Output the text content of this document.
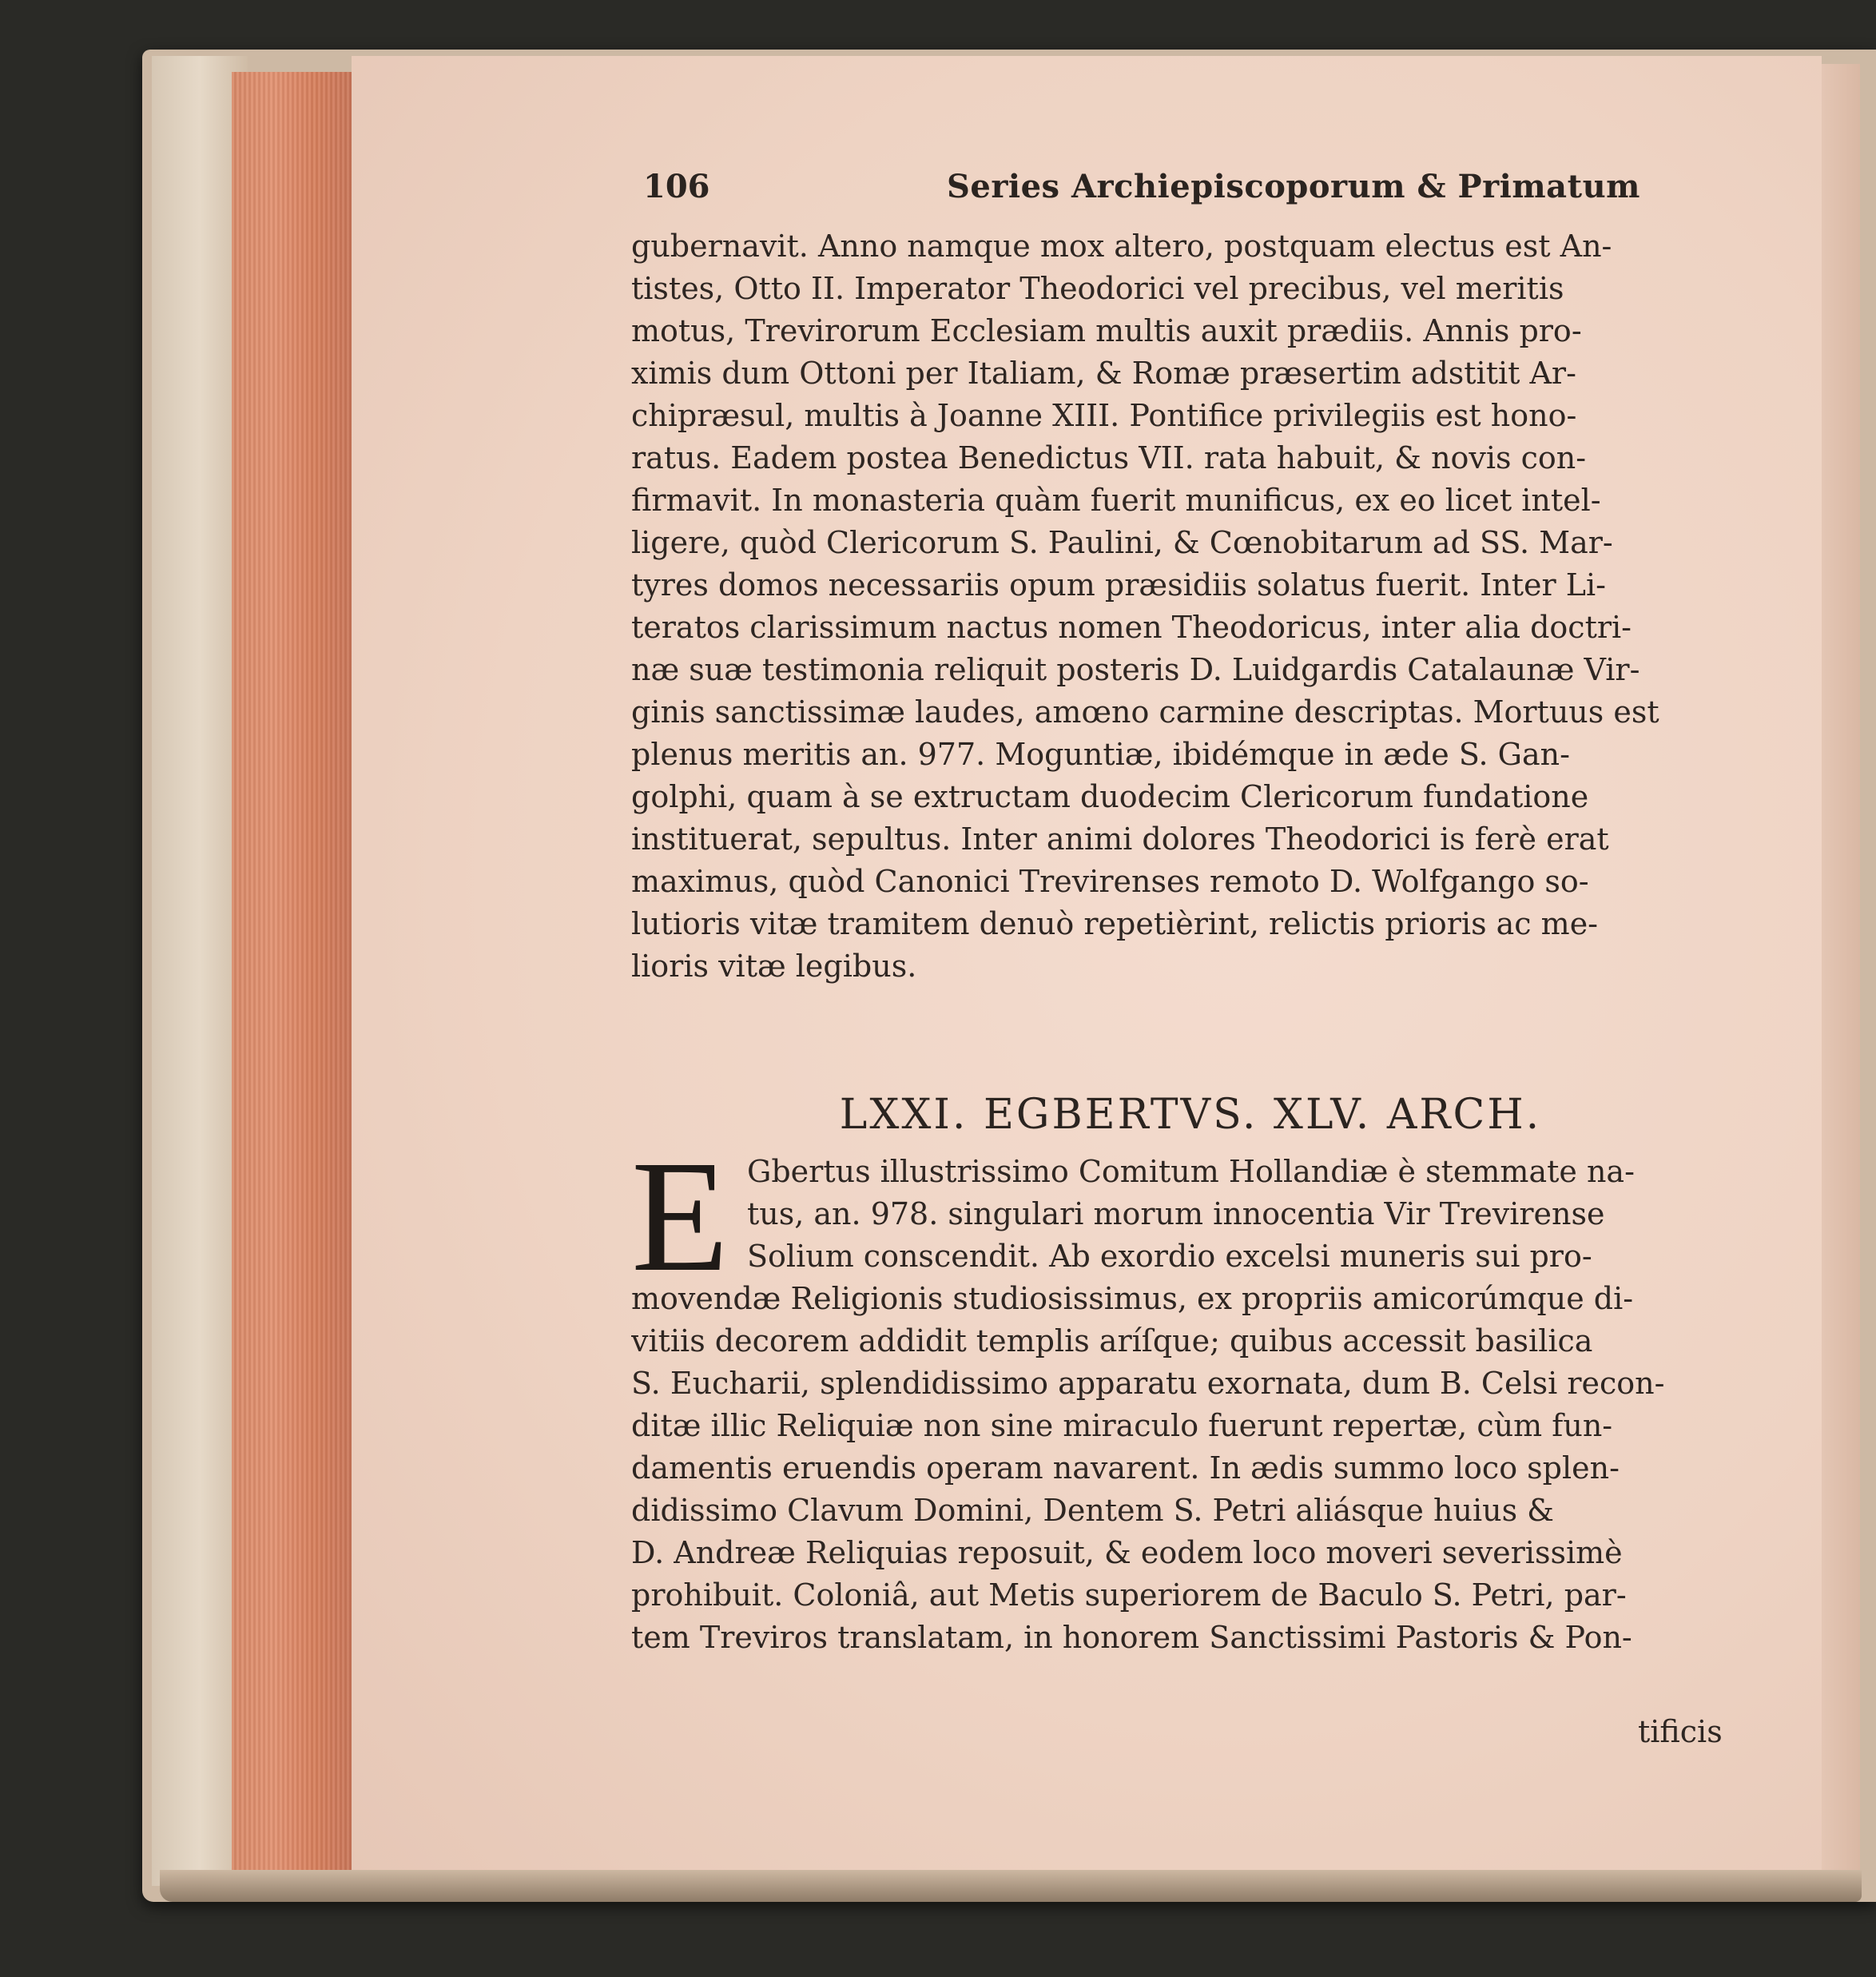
106	Series Archiepiscoporum & Primatum
gubernavit. Anno namque mox altero, postquam electus est An-
tistes, Otto II. Imperator Theodorici vel precibus, vel meritis
motus, Trevirorum Ecclesiam multis auxit prædiis. Annis pro-
ximis dum Ottoni per Italiam, & Romæ præsertim adstitit Ar-
chipræsul, multis à Joanne XIII. Pontifice privilegiis est hono-
ratus. Eadem postea Benedictus VII. rata habuit, & novis con-
firmavit. In monasteria quàm fuerit munificus, ex eo licet intel-
ligere, quòd Clericorum S. Paulini, & Cœnobitarum ad SS. Mar-
tyres domos necessariis opum præsidiis solatus fuerit. Inter Li-
teratos clarissimum nactus nomen Theodoricus, inter alia doctri-
næ suæ testimonia reliquit posteris D. Luidgardis Catalaunæ Vir-
ginis sanctissimæ laudes, amœno carmine descriptas. Mortuus est
plenus meritis an. 977. Moguntiæ, ibidémque in æde S. Gan-
golphi, quam à se extructam duodecim Clericorum fundatione
instituerat, sepultus. Inter animi dolores Theodorici is ferè erat
maximus, quòd Canonici Trevirenses remoto D. Wolfgango so-
lutioris vitæ tramitem denuò repetièrint, relictis prioris ac me-
lioris vitæ legibus.
LXXI. EGBERTVS. XLV. ARCH.
E Gbertus illustrissimo Comitum Hollandiæ è stemmate na-
tus, an. 978. singulari morum innocentia Vir Trevirense
Solium conscendit. Ab exordio excelsi muneris sui pro-
movendæ Religionis studiosissimus, ex propriis amicorúmque di-
vitiis decorem addidit templis aríſque; quibus accessit basilica
S. Eucharii, splendidissimo apparatu exornata, dum B. Celsi recon-
ditæ illic Reliquiæ non sine miraculo fuerunt repertæ, cùm fun-
damentis eruendis operam navarent. In ædis summo loco splen-
didissimo Clavum Domini, Dentem S. Petri aliásque huius &
D. Andreæ Reliquias reposuit, & eodem loco moveri severissimè
prohibuit. Coloniâ, aut Metis superiorem de Baculo S. Petri, par-
tem Treviros translatam, in honorem Sanctissimi Pastoris & Pon-
tificis
